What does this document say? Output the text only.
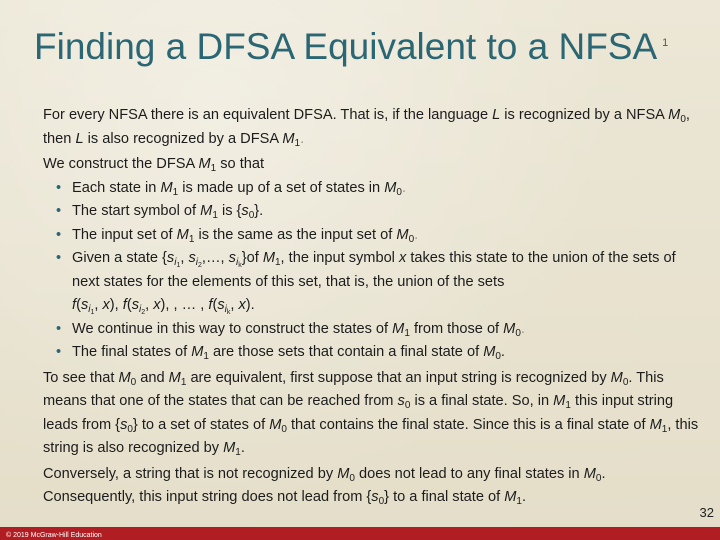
Finding a DFSA Equivalent to a NFSA $^1$

For every NFSA there is an equivalent DFSA. That is, if the language L is recognized by a NFSA $M_0$, then L is also recognized by a DFSA $M_1$.

We construct the DFSA $M_1$ so that

• Each state in $M_1$ is made up of a set of states in $M_0$.
• The start symbol of $M_1$ is $\{s_0\}$.
• The input set of $M_1$ is the same as the input set of $M_0$.
• Given a state {$s_{i_1}$, $s_{i_2},\dots$, $s_{i_k}\}of$ $M_1$, the input symbol x takes this state to the union of the sets of next states for the elements of this set, that is, the union of the sets
$f(s_{i_1}$, x), $f(s_{i_2}$, x), , … , $f(s_{i_k}$, x).
• We continue in this way to construct the states of $M_1$ from those of $M_0$.
• The final states of $M_1$ are those sets that contain a final state of $M_0$.

To see that $M_0$ and $M_1$ are equivalent, first suppose that an input string is recognized by $M_0$. This means that one of the states that can be reached from $s_0$ is a final state. So, in $M_1$ this input string leads from $\{s_0\}$ to a set of states of $M_0$ that contains the final state. Since this is a final state of $M_1$, this string is also recognized by $M_1$.

Conversely, a string that is not recognized by $M_0$ does not lead to any final states in $M_0$. Consequently, this input string does not lead from $\{s_0\}$ to a final state of $M_1$.

32
© 2019 McGraw-Hill Education
